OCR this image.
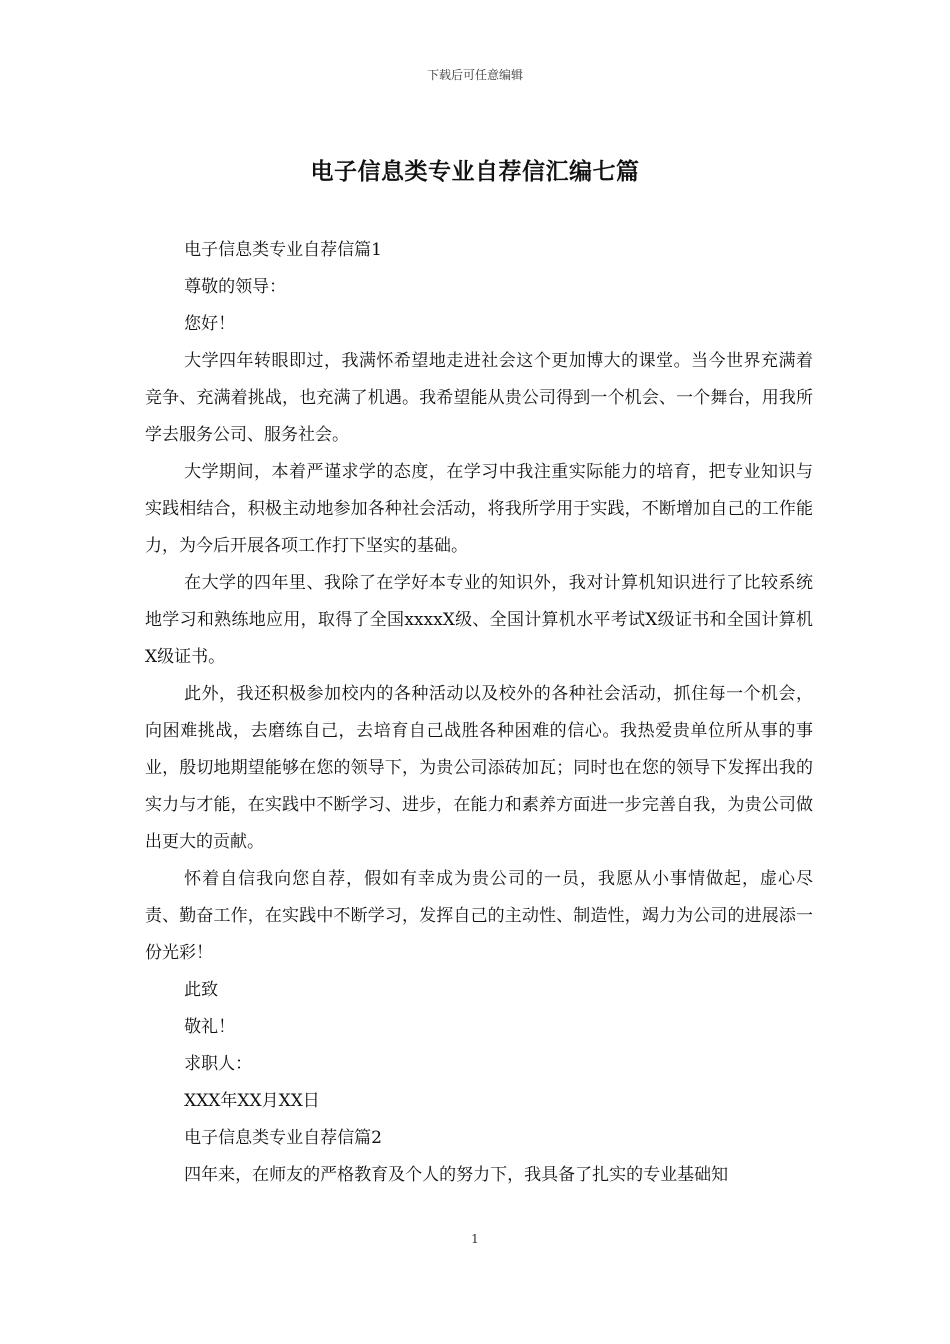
下载后可任意编辑
电子信息类专业自荐信汇编七篇

电子信息类专业自荐信篇1

尊敬的领导：

您好！

大学四年转眼即过，我满怀希望地走进社会这个更加博大的课堂。当今世界充满着竞争、充满着挑战，也充满了机遇。我希望能从贵公司得到一个机会、一个舞台，用我所学去服务公司、服务社会。

大学期间，本着严谨求学的态度，在学习中我注重实际能力的培育，把专业知识与实践相结合，积极主动地参加各种社会活动，将我所学用于实践，不断增加自己的工作能力，为今后开展各项工作打下坚实的基础。

在大学的四年里、我除了在学好本专业的知识外，我对计算机知识进行了比较系统地学习和熟练地应用，取得了全国xxxxX级、全国计算机水平考试X级证书和全国计算机X级证书。

此外，我还积极参加校内的各种活动以及校外的各种社会活动，抓住每一个机会，向困难挑战，去磨练自己，去培育自己战胜各种困难的信心。我热爱贵单位所从事的事业，殷切地期望能够在您的领导下，为贵公司添砖加瓦；同时也在您的领导下发挥出我的实力与才能，在实践中不断学习、进步，在能力和素养方面进一步完善自我，为贵公司做出更大的贡献。

怀着自信我向您自荐，假如有幸成为贵公司的一员，我愿从小事情做起，虚心尽责、勤奋工作，在实践中不断学习，发挥自己的主动性、制造性，竭力为公司的进展添一份光彩！

此致

敬礼！

求职人：

XXX年XX月XX日

电子信息类专业自荐信篇2

四年来，在师友的严格教育及个人的努力下，我具备了扎实的专业基础知

1
